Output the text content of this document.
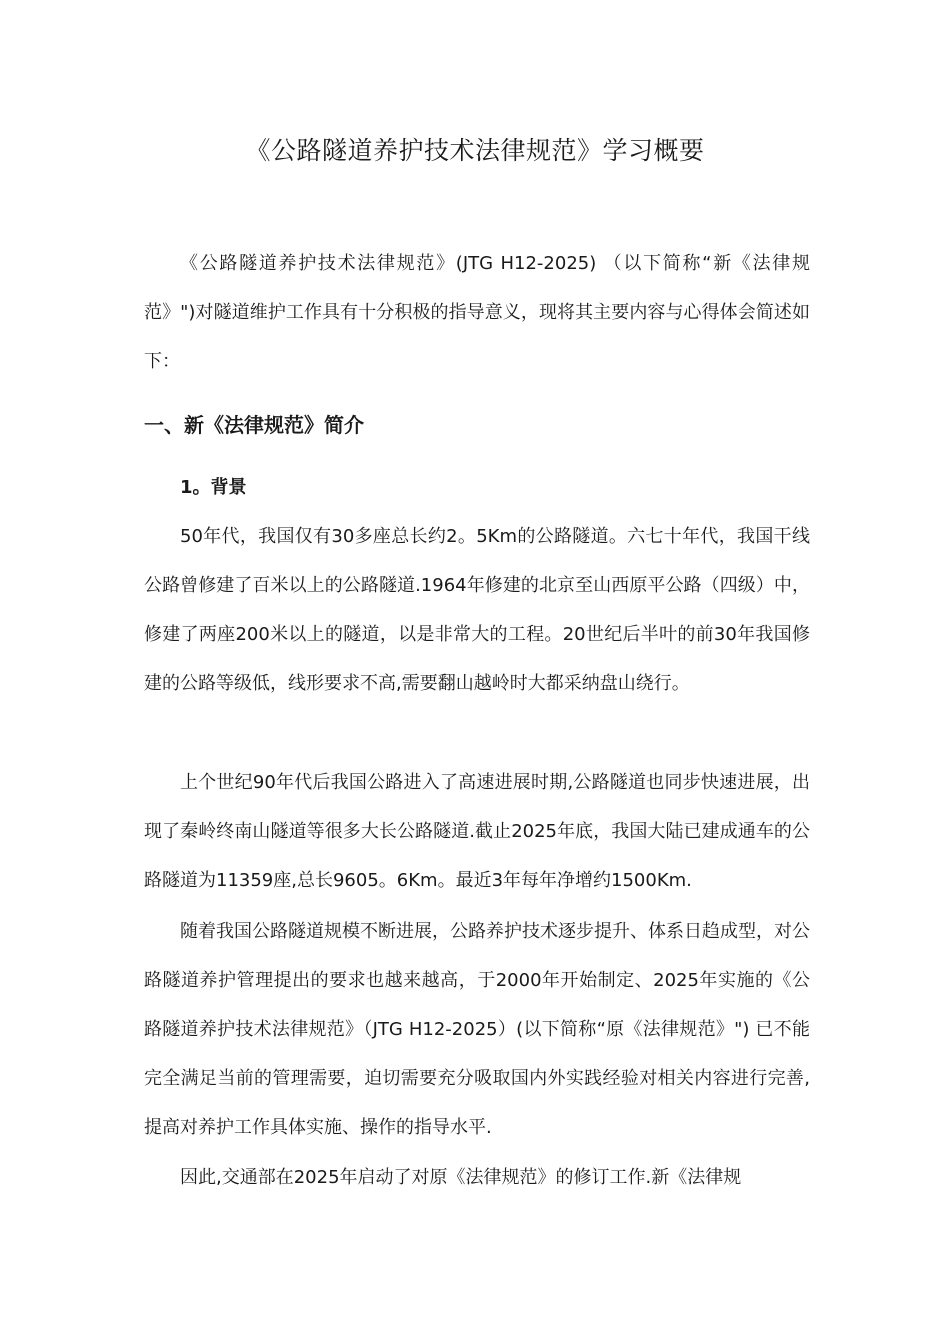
《公路隧道养护技术法律规范》学习概要

《公路隧道养护技术法律规范》(JTG H12-2025) （以下简称“新《法律规范》")对隧道维护工作具有十分积极的指导意义，现将其主要内容与心得体会简述如下：

一、新《法律规范》简介
1。背景

50年代，我国仅有30多座总长约2。5Km的公路隧道。六七十年代，我国干线公路曾修建了百米以上的公路隧道.1964年修建的北京至山西原平公路（四级）中，修建了两座200米以上的隧道，以是非常大的工程。20世纪后半叶的前30年我国修建的公路等级低，线形要求不高,需要翻山越岭时大都采纳盘山绕行。

上个世纪90年代后我国公路进入了高速进展时期,公路隧道也同步快速进展，出现了秦岭终南山隧道等很多大长公路隧道.截止2025年底，我国大陆已建成通车的公路隧道为11359座,总长9605。6Km。最近3年每年净增约1500Km.

随着我国公路隧道规模不断进展，公路养护技术逐步提升、体系日趋成型，对公路隧道养护管理提出的要求也越来越高，于2000年开始制定、2025年实施的《公路隧道养护技术法律规范》（JTG H12-2025）(以下简称“原《法律规范》") 已不能完全满足当前的管理需要，迫切需要充分吸取国内外实践经验对相关内容进行完善,提高对养护工作具体实施、操作的指导水平.

因此,交通部在2025年启动了对原《法律规范》的修订工作.新《法律规
